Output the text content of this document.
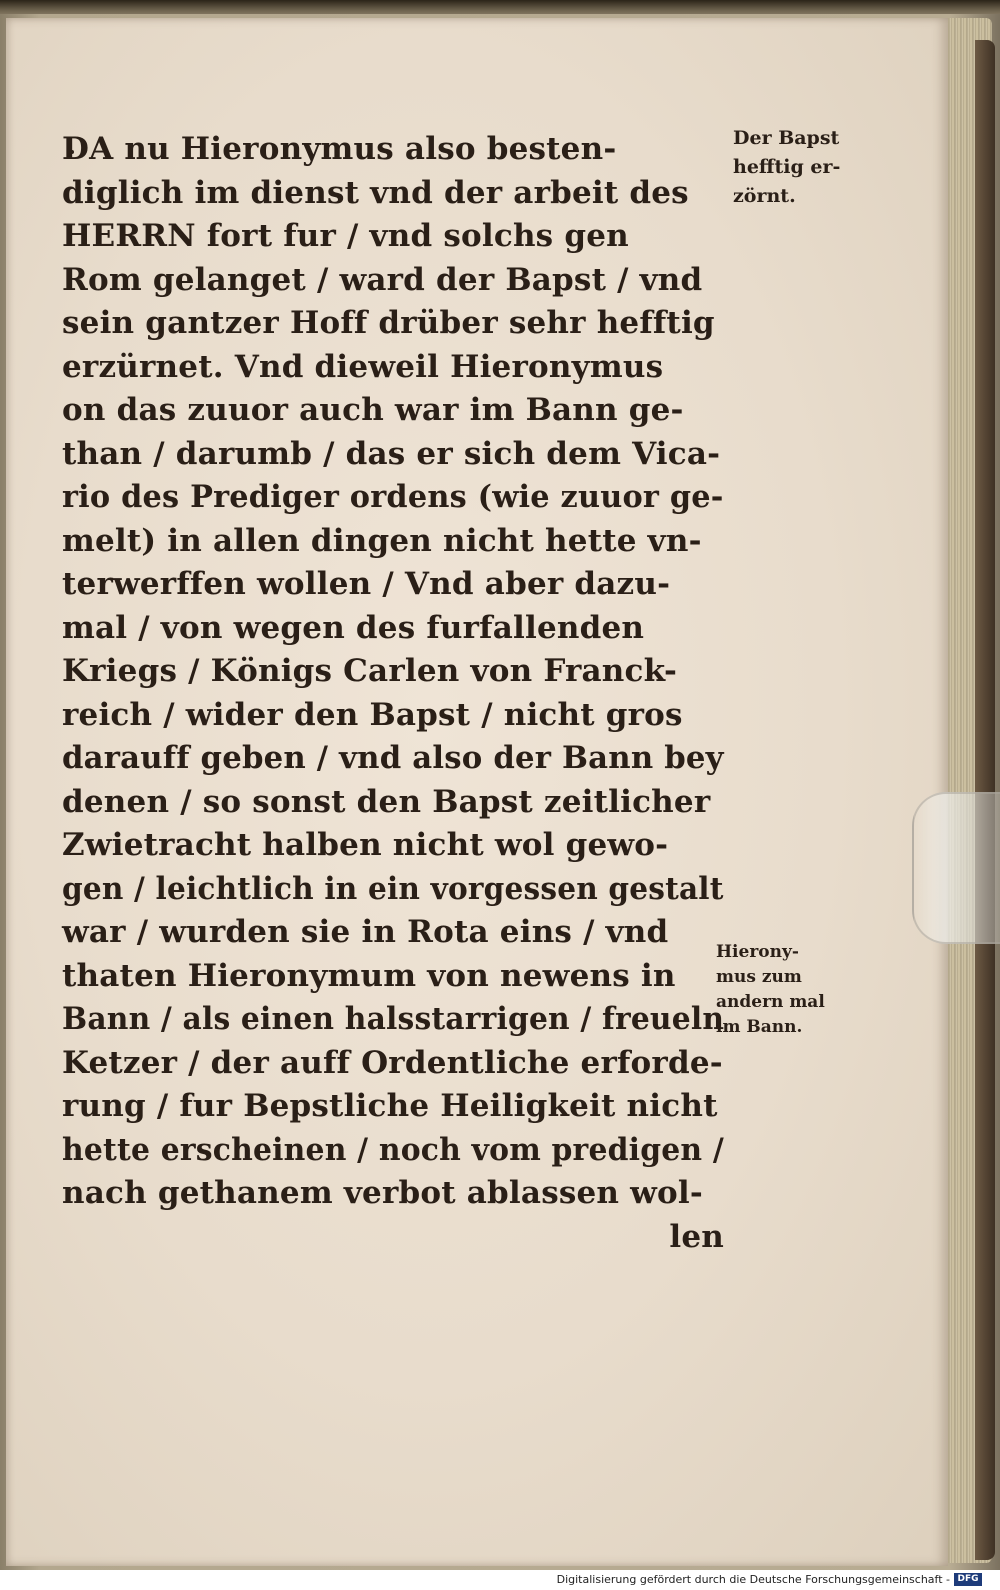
DA nu Hieronymus also besten-
diglich im dienst vnd der arbeit des
HERRN fort fur / vnd solchs gen
Rom gelanget / ward der Bapst / vnd
sein gantzer Hoff drüber sehr hefftig
erzürnet. Vnd dieweil Hieronymus
on das zuuor auch war im Bann ge-
than / darumb / das er sich dem Vica-
rio des Prediger ordens (wie zuuor ge-
melt) in allen dingen nicht hette vn-
terwerffen wollen / Vnd aber dazu-
mal / von wegen des furfallenden
Kriegs / Königs Carlen von Franck-
reich / wider den Bapst / nicht gros
darauff geben / vnd also der Bann bey
denen / so sonst den Bapst zeitlicher
Zwietracht halben nicht wol gewo-
gen / leichtlich in ein vorgessen gestalt
war / wurden sie in Rota eins / vnd
thaten Hieronymum von newens in
Bann / als einen halsstarrigen / freueln
Ketzer / der auff Ordentliche erforde-
rung / fur Bepstliche Heiligkeit nicht
hette erscheinen / noch vom predigen /
nach gethanem verbot ablassen wol-
len
Der Bapst
hefftig er-
zörnt.
Hierony-
mus zum
andern mal
im Bann.
Digitalisierung gefördert durch die Deutsche Forschungsgemeinschaft - DFG
